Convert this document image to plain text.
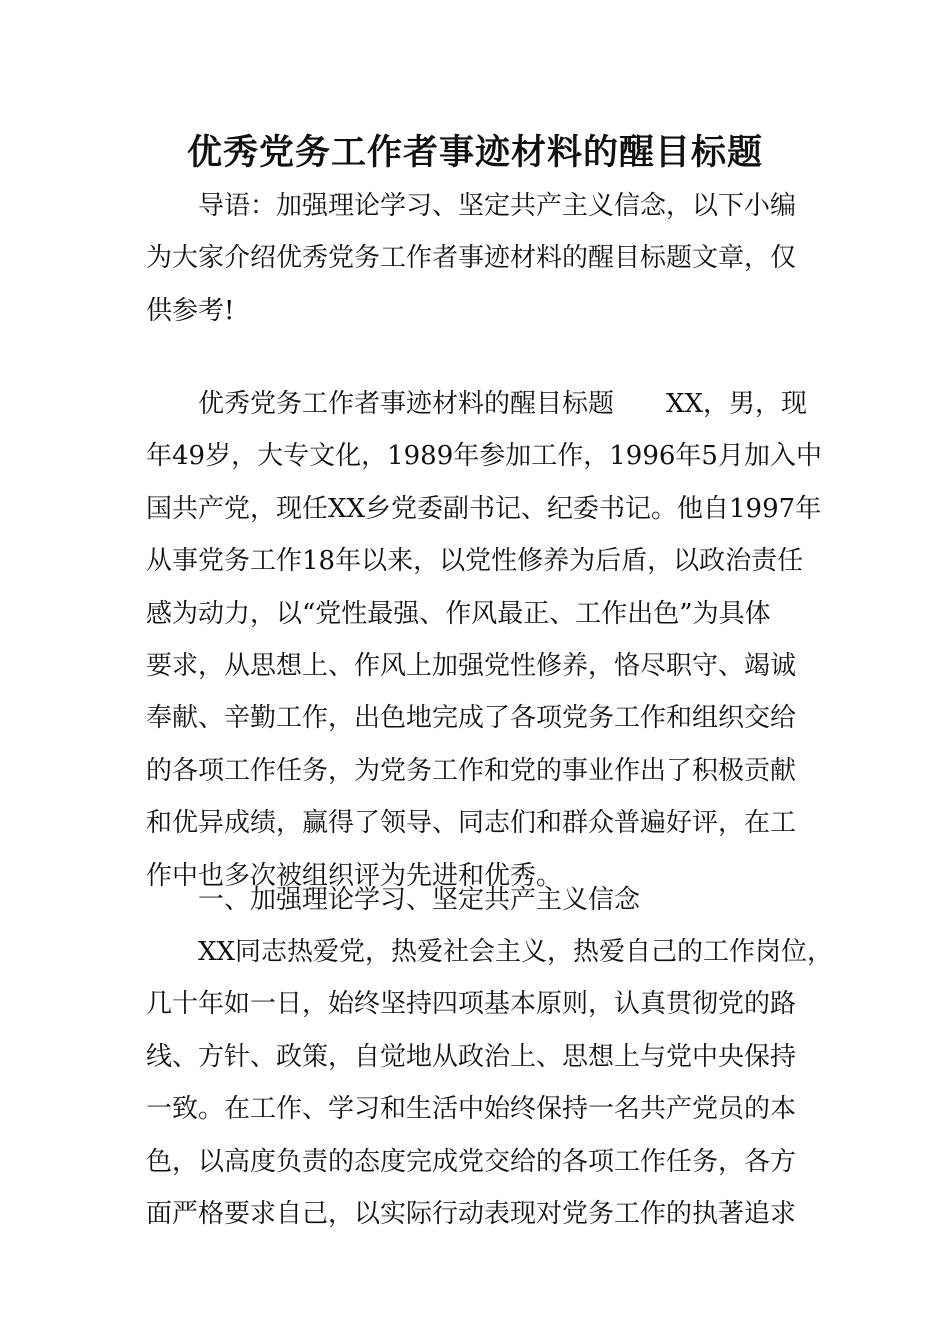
优秀党务工作者事迹材料的醒目标题
导语：加强理论学习、坚定共产主义信念，以下小编
为大家介绍优秀党务工作者事迹材料的醒目标题文章，仅
供参考!
优秀党务工作者事迹材料的醒目标题　　XX，男，现
年49岁，大专文化，1989年参加工作，1996年5月加入中
国共产党，现任XX乡党委副书记、纪委书记。他自1997年
从事党务工作18年以来，以党性修养为后盾，以政治责任
感为动力，以“党性最强、作风最正、工作出色”为具体
要求，从思想上、作风上加强党性修养，恪尽职守、竭诚
奉献、辛勤工作，出色地完成了各项党务工作和组织交给
的各项工作任务，为党务工作和党的事业作出了积极贡献
和优异成绩，赢得了领导、同志们和群众普遍好评，在工
作中也多次被组织评为先进和优秀。
一、加强理论学习、坚定共产主义信念
XX同志热爱党，热爱社会主义，热爱自己的工作岗位，
几十年如一日，始终坚持四项基本原则，认真贯彻党的路
线、方针、政策，自觉地从政治上、思想上与党中央保持
一致。在工作、学习和生活中始终保持一名共产党员的本
色，以高度负责的态度完成党交给的各项工作任务，各方
面严格要求自己，以实际行动表现对党务工作的执著追求
